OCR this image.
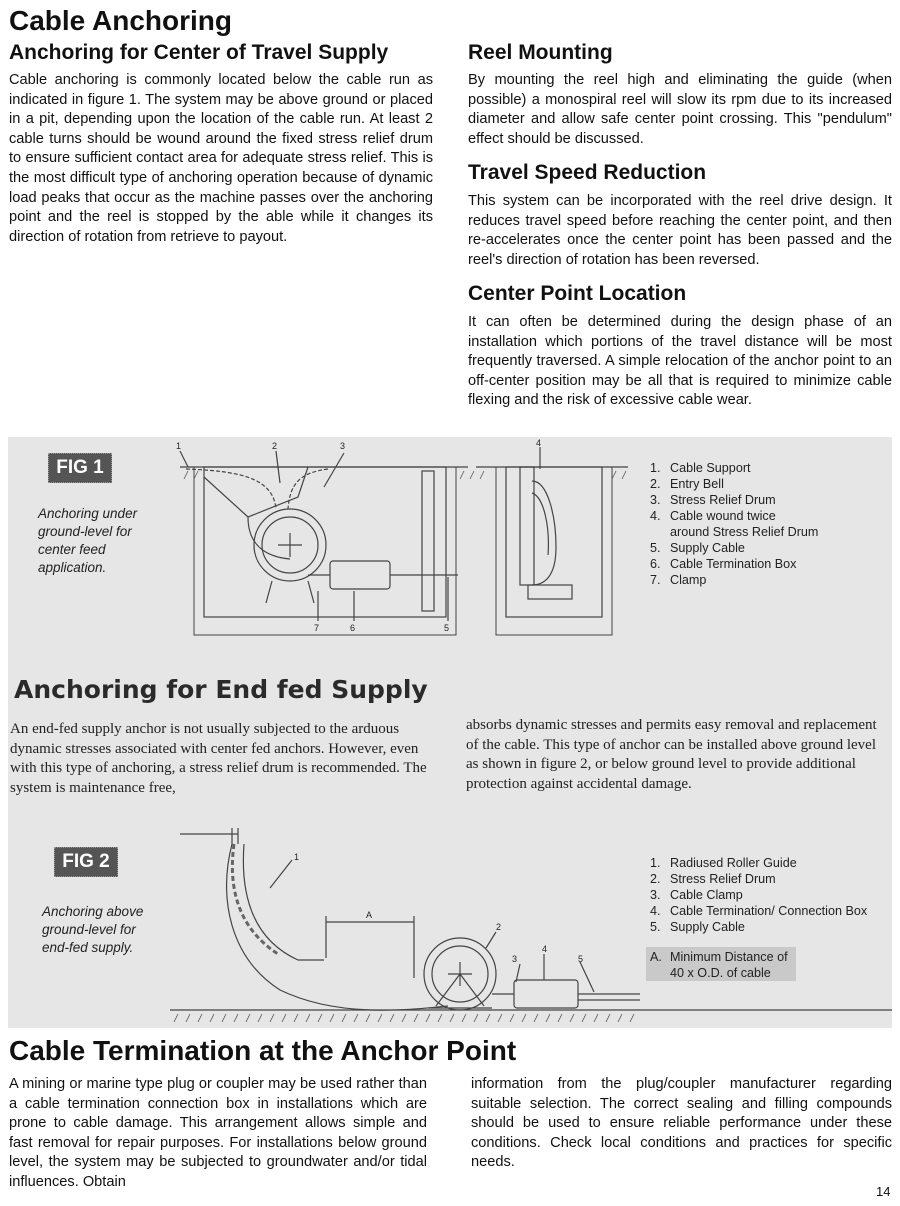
Cable Anchoring
Anchoring for Center of Travel Supply

Cable anchoring is commonly located below the cable run as indicated in figure 1. The system may be above ground or placed in a pit, depending upon the location of the cable run. At least 2 cable turns should be wound around the fixed stress relief drum to ensure sufficient contact area for adequate stress relief. This is the most difficult type of anchoring operation because of dynamic load peaks that occur as the machine passes over the anchoring point and the reel is stopped by the able while it changes its direction of rotation from retrieve to payout.

Reel Mounting

By mounting the reel high and eliminating the guide (when possible) a monospiral reel will slow its rpm due to its increased diameter and allow safe center point crossing. This "pendulum" effect should be discussed.

Travel Speed Reduction

This system can be incorporated with the reel drive design. It reduces travel speed before reaching the center point, and then re-accelerates once the center point has been passed and the reel's direction of rotation has been reversed.

Center Point Location

It can often be determined during the design phase of an installation which portions of the travel distance will be most frequently traversed. A simple relocation of the anchor point to an off-center position may be all that is required to minimize cable flexing and the risk of excessive cable wear.

FIG 1
Anchoring under
ground-level for
center feed
application.
1	2	3	4
5
6
7
1. Cable Support
2. Entry Bell
3. Stress Relief Drum
4. Cable wound twice
around Stress Relief Drum
5. Supply Cable
6. Cable Termination Box
7. Clamp
Anchoring for End fed Supply

An end-fed supply anchor is not usually subjected to the arduous dynamic stresses associated with center fed anchors. However, even with this type of anchoring, a stress relief drum is recommended. The system is maintenance free,

absorbs dynamic stresses and permits easy removal and replacement of the cable. This type of anchor can be installed above ground level as shown in figure 2, or below ground level to provide additional protection against accidental damage.

FIG 2
Anchoring above
ground-level for
end-fed supply.
1
2
3
4
5
A
1. Radiused Roller Guide
2. Stress Relief Drum
3. Cable Clamp
4. Cable Termination/ Connection Box
5. Supply Cable
A. Minimum Distance of
40 x O.D. of cable
Cable Termination at the Anchor Point

A mining or marine type plug or coupler may be used rather than a cable termination connection box in installations which are prone to cable damage. This arrangement allows simple and fast removal for repair purposes. For installations below ground level, the system may be subjected to groundwater and/or tidal influences. Obtain

information from the plug/coupler manufacturer regarding suitable selection. The correct sealing and filling compounds should be used to ensure reliable performance under these conditions. Check local conditions and practices for specific needs.

14
